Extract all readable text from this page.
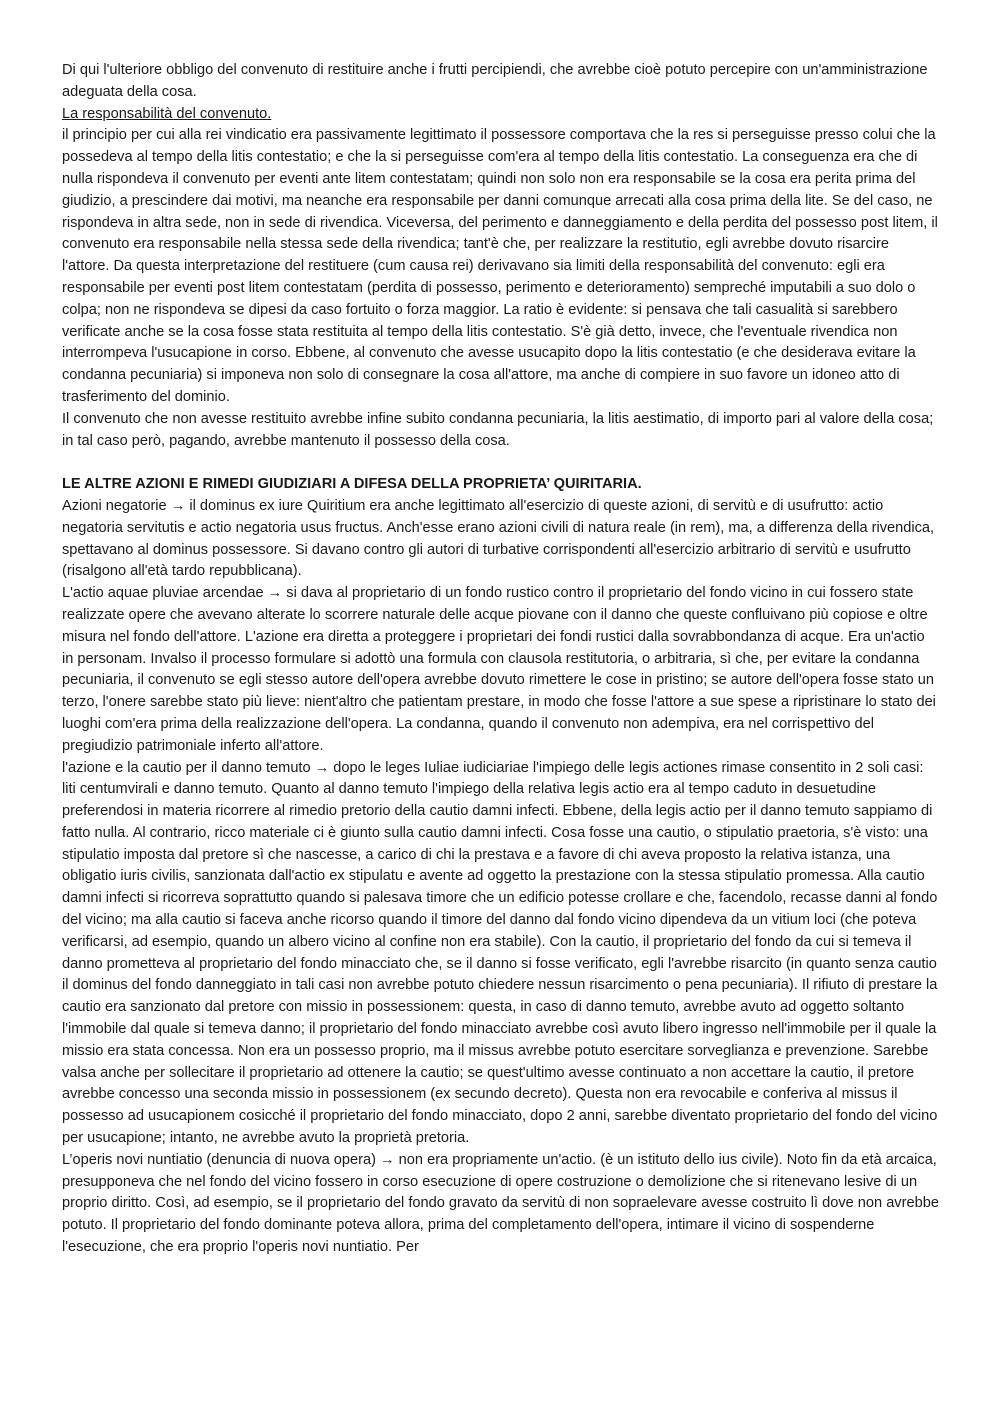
Di qui l'ulteriore obbligo del convenuto di restituire anche i frutti percipiendi, che avrebbe cioè potuto percepire con un'amministrazione adeguata della cosa.

La responsabilità del convenuto.

il principio per cui alla rei vindicatio era passivamente legittimato il possessore comportava che la res si perseguisse presso colui che la possedeva al tempo della litis contestatio; e che la si perseguisse com'era al tempo della litis contestatio. La conseguenza era che di nulla rispondeva il convenuto per eventi ante litem contestatam; quindi non solo non era responsabile se la cosa era perita prima del giudizio, a prescindere dai motivi, ma neanche era responsabile per danni comunque arrecati alla cosa prima della lite. Se del caso, ne rispondeva in altra sede, non in sede di rivendica. Viceversa, del perimento e danneggiamento e della perdita del possesso post litem, il convenuto era responsabile nella stessa sede della rivendica; tant'è che, per realizzare la restitutio, egli avrebbe dovuto risarcire l'attore. Da questa interpretazione del restituere (cum causa rei) derivavano sia limiti della responsabilità del convenuto: egli era responsabile per eventi post litem contestatam (perdita di possesso, perimento e deterioramento) sempreché imputabili a suo dolo o colpa; non ne rispondeva se dipesi da caso fortuito o forza maggior. La ratio è evidente: si pensava che tali casualità si sarebbero verificate anche se la cosa fosse stata restituita al tempo della litis contestatio. S'è già detto, invece, che l'eventuale rivendica non interrompeva l'usucapione in corso. Ebbene, al convenuto che avesse usucapito dopo la litis contestatio (e che desiderava evitare la condanna pecuniaria) si imponeva non solo di consegnare la cosa all'attore, ma anche di compiere in suo favore un idoneo atto di trasferimento del dominio.

Il convenuto che non avesse restituito avrebbe infine subito condanna pecuniaria, la litis aestimatio, di importo pari al valore della cosa; in tal caso però, pagando, avrebbe mantenuto il possesso della cosa.

LE ALTRE AZIONI E RIMEDI GIUDIZIARI A DIFESA DELLA PROPRIETA’ QUIRITARIA.

Azioni negatorie → il dominus ex iure Quiritium era anche legittimato all'esercizio di queste azioni, di servitù e di usufrutto: actio negatoria servitutis e actio negatoria usus fructus. Anch'esse erano azioni civili di natura reale (in rem), ma, a differenza della rivendica, spettavano al dominus possessore. Si davano contro gli autori di turbative corrispondenti all'esercizio arbitrario di servitù e usufrutto (risalgono all'età tardo repubblicana).

L'actio aquae pluviae arcendae → si dava al proprietario di un fondo rustico contro il proprietario del fondo vicino in cui fossero state realizzate opere che avevano alterate lo scorrere naturale delle acque piovane con il danno che queste confluivano più copiose e oltre misura nel fondo dell'attore. L'azione era diretta a proteggere i proprietari dei fondi rustici dalla sovrabbondanza di acque. Era un'actio in personam. Invalso il processo formulare si adottò una formula con clausola restitutoria, o arbitraria, sì che, per evitare la condanna pecuniaria, il convenuto se egli stesso autore dell'opera avrebbe dovuto rimettere le cose in pristino; se autore dell'opera fosse stato un terzo, l'onere sarebbe stato più lieve: nient'altro che patientam prestare, in modo che fosse l'attore a sue spese a ripristinare lo stato dei luoghi com'era prima della realizzazione dell'opera. La condanna, quando il convenuto non adempiva, era nel corrispettivo del pregiudizio patrimoniale inferto all'attore.

l'azione e la cautio per il danno temuto → dopo le leges Iuliae iudiciariae l'impiego delle legis actiones rimase consentito in 2 soli casi: liti centumvirali e danno temuto. Quanto al danno temuto l'impiego della relativa legis actio era al tempo caduto in desuetudine preferendosi in materia ricorrere al rimedio pretorio della cautio damni infecti. Ebbene, della legis actio per il danno temuto sappiamo di fatto nulla. Al contrario, ricco materiale ci è giunto sulla cautio damni infecti. Cosa fosse una cautio, o stipulatio praetoria, s'è visto: una stipulatio imposta dal pretore sì che nascesse, a carico di chi la prestava e a favore di chi aveva proposto la relativa istanza, una obligatio iuris civilis, sanzionata dall'actio ex stipulatu e avente ad oggetto la prestazione con la stessa stipulatio promessa. Alla cautio damni infecti si ricorreva soprattutto quando si palesava timore che un edificio potesse crollare e che, facendolo, recasse danni al fondo del vicino; ma alla cautio si faceva anche ricorso quando il timore del danno dal fondo vicino dipendeva da un vitium loci (che poteva verificarsi, ad esempio, quando un albero vicino al confine non era stabile). Con la cautio, il proprietario del fondo da cui si temeva il danno prometteva al proprietario del fondo minacciato che, se il danno si fosse verificato, egli l'avrebbe risarcito (in quanto senza cautio il dominus del fondo danneggiato in tali casi non avrebbe potuto chiedere nessun risarcimento o pena pecuniaria). Il rifiuto di prestare la cautio era sanzionato dal pretore con missio in possessionem: questa, in caso di danno temuto, avrebbe avuto ad oggetto soltanto l'immobile dal quale si temeva danno; il proprietario del fondo minacciato avrebbe così avuto libero ingresso nell'immobile per il quale la missio era stata concessa. Non era un possesso proprio, ma il missus avrebbe potuto esercitare sorveglianza e prevenzione. Sarebbe valsa anche per sollecitare il proprietario ad ottenere la cautio; se quest'ultimo avesse continuato a non accettare la cautio, il pretore avrebbe concesso una seconda missio in possessionem (ex secundo decreto). Questa non era revocabile e conferiva al missus il possesso ad usucapionem cosicché il proprietario del fondo minacciato, dopo 2 anni, sarebbe diventato proprietario del fondo del vicino per usucapione; intanto, ne avrebbe avuto la proprietà pretoria.

L’operis novi nuntiatio (denuncia di nuova opera) → non era propriamente un'actio. (è un istituto dello ius civile). Noto fin da età arcaica, presupponeva che nel fondo del vicino fossero in corso esecuzione di opere costruzione o demolizione che si ritenevano lesive di un proprio diritto. Così, ad esempio, se il proprietario del fondo gravato da servitù di non sopraelevare avesse costruito lì dove non avrebbe potuto. Il proprietario del fondo dominante poteva allora, prima del completamento dell'opera, intimare il vicino di sospenderne l'esecuzione, che era proprio l'operis novi nuntiatio. Per
